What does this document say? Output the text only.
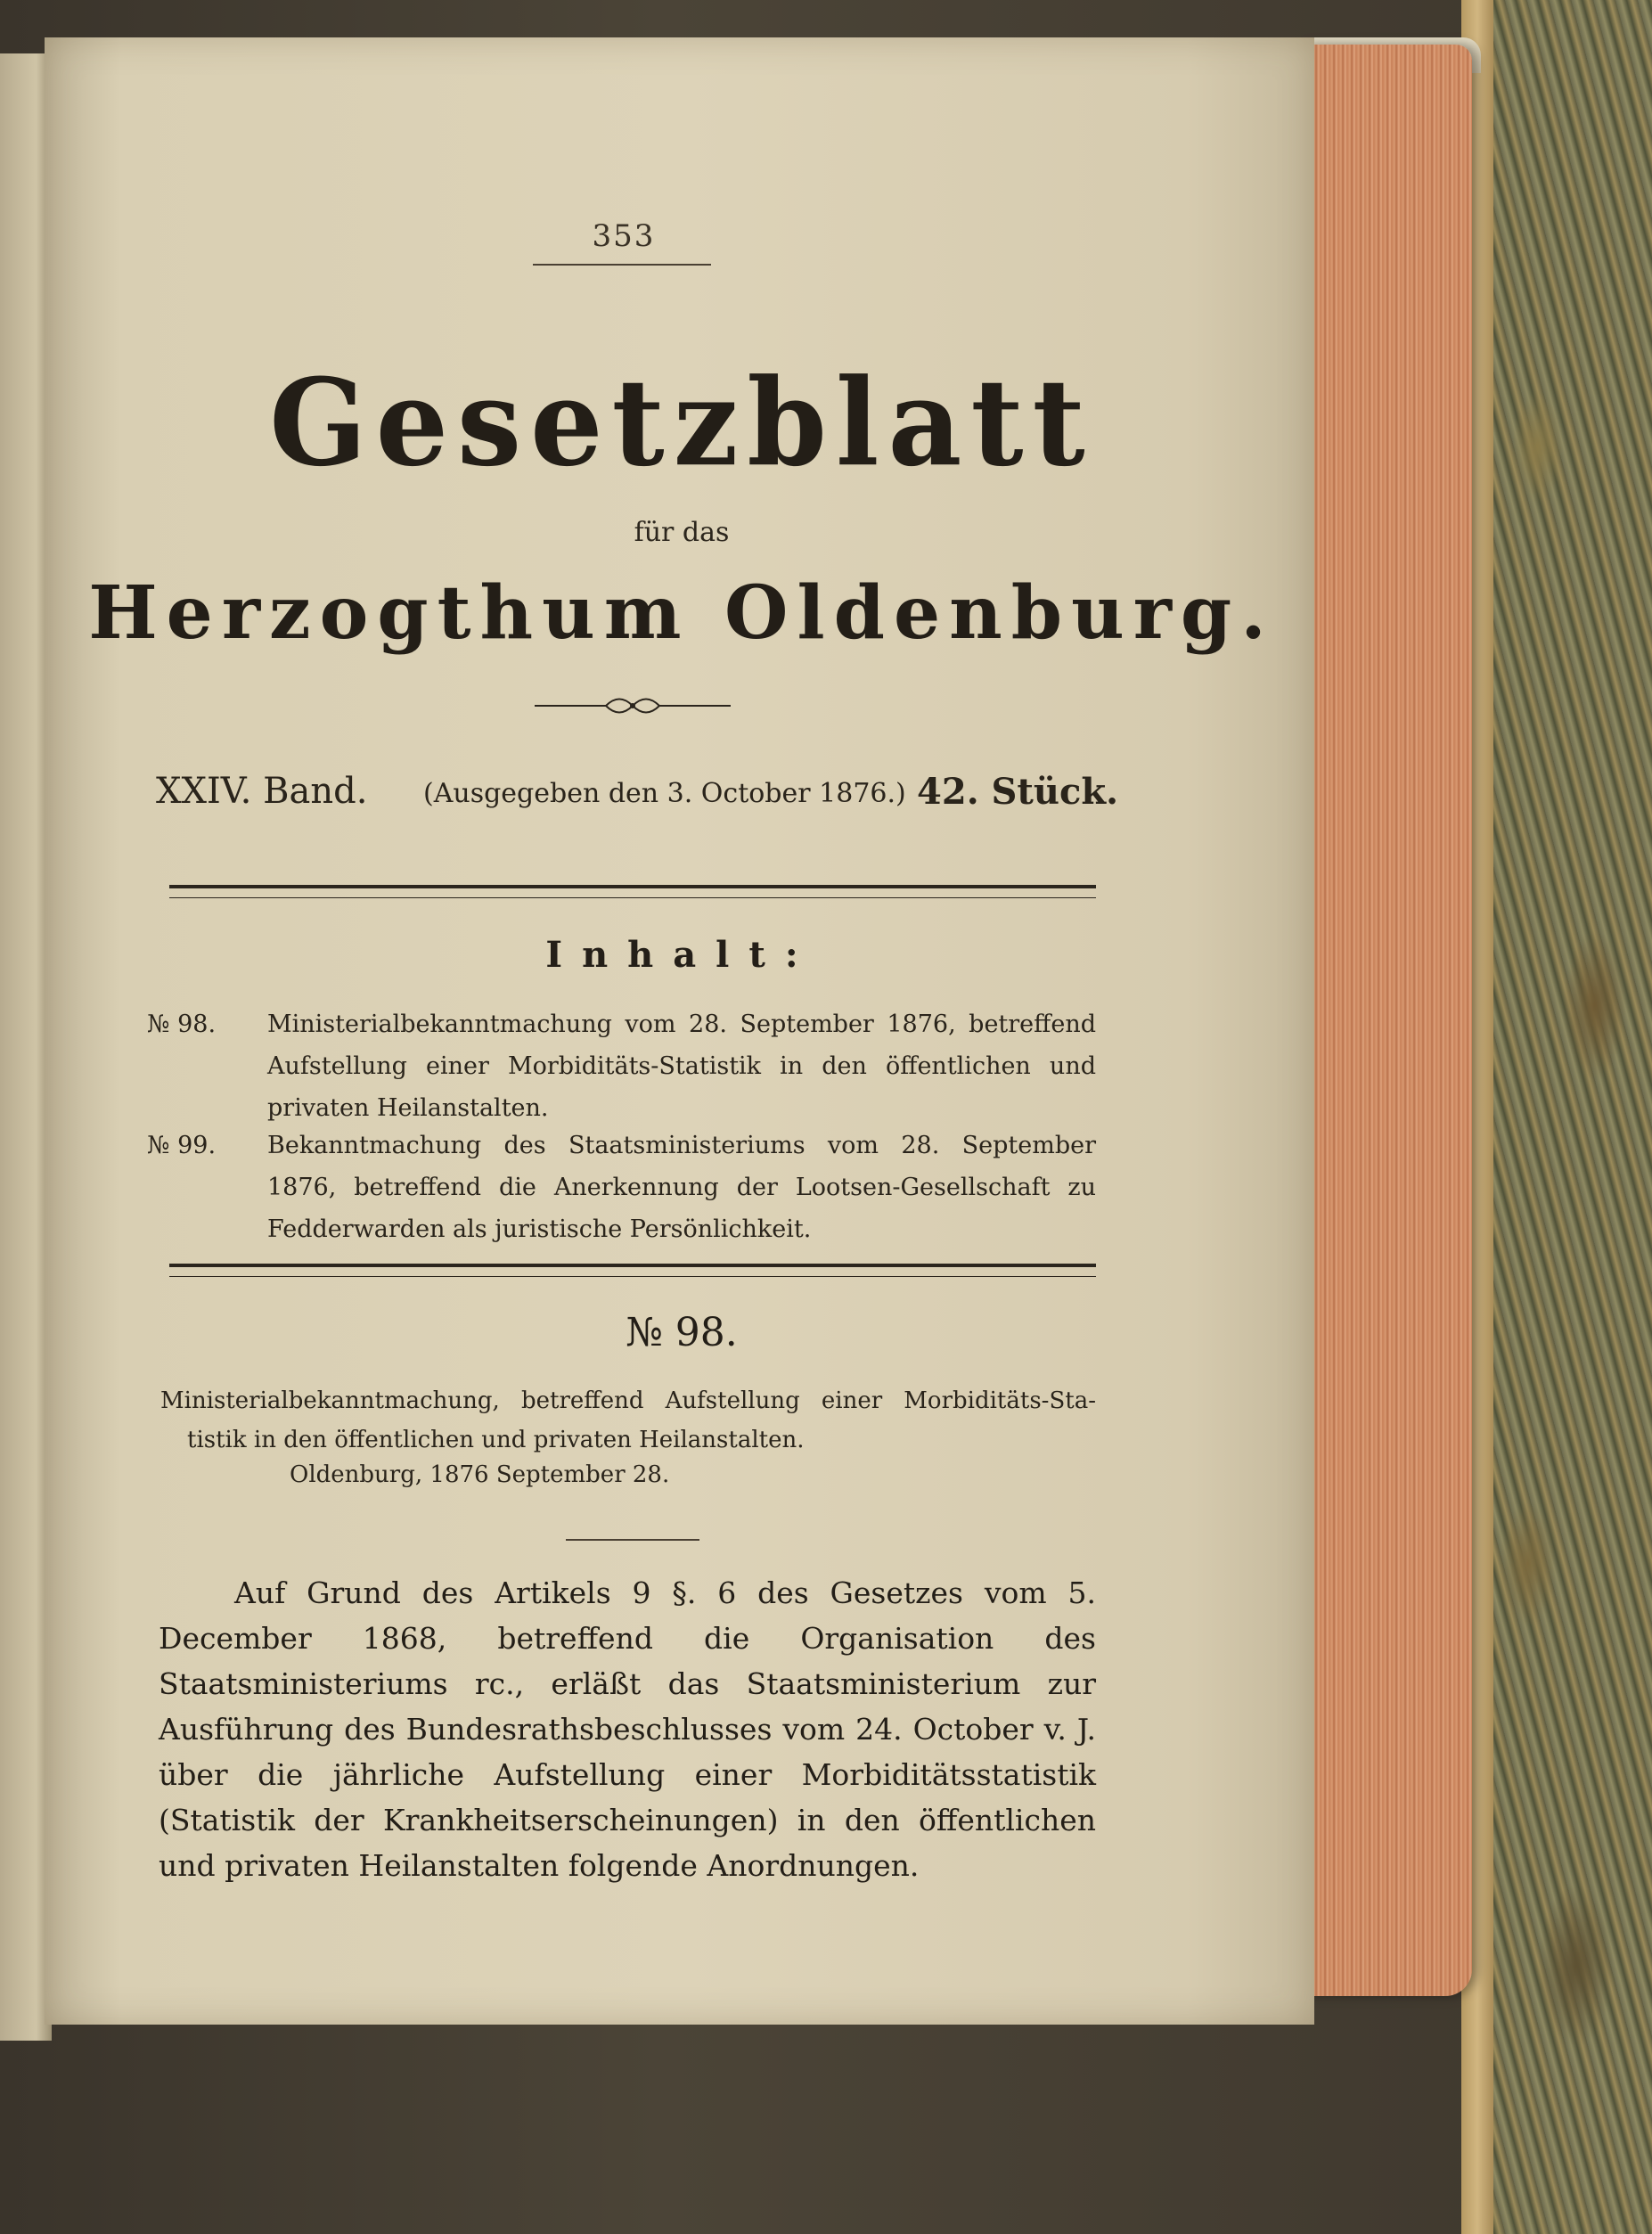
353
Gesetzblatt
für das
Herzogthum Oldenburg.
XXIV. Band. (Ausgegeben den 3. October 1876.) 42. Stück.
Inhalt:
№ 98.	Ministerialbekanntmachung vom 28. September 1876, betreffend Aufstellung einer Morbiditäts-Statistik in den öffentlichen und privaten Heilanstalten.
№ 99.	Bekanntmachung des Staatsministeriums vom 28. September 1876, betreffend die Anerkennung der Lootsen-Gesellschaft zu Fedderwarden als juristische Persönlichkeit.
№ 98.
Ministerialbekanntmachung, betreffend Aufstellung einer Morbiditäts-Sta-
tistik in den öffentlichen und privaten Heilanstalten.
Oldenburg, 1876 September 28.
Auf Grund des Artikels 9 §. 6 des Gesetzes vom 5. December 1868, betreffend die Organisation des Staatsministeriums rc., erläßt das Staatsministerium zur Ausführung des Bundesrathsbeschlusses vom 24. October v. J. über die jährliche Aufstellung einer Morbiditätsstatistik (Statistik der Krankheitserscheinungen) in den öffentlichen und privaten Heilanstalten folgende Anordnungen.
